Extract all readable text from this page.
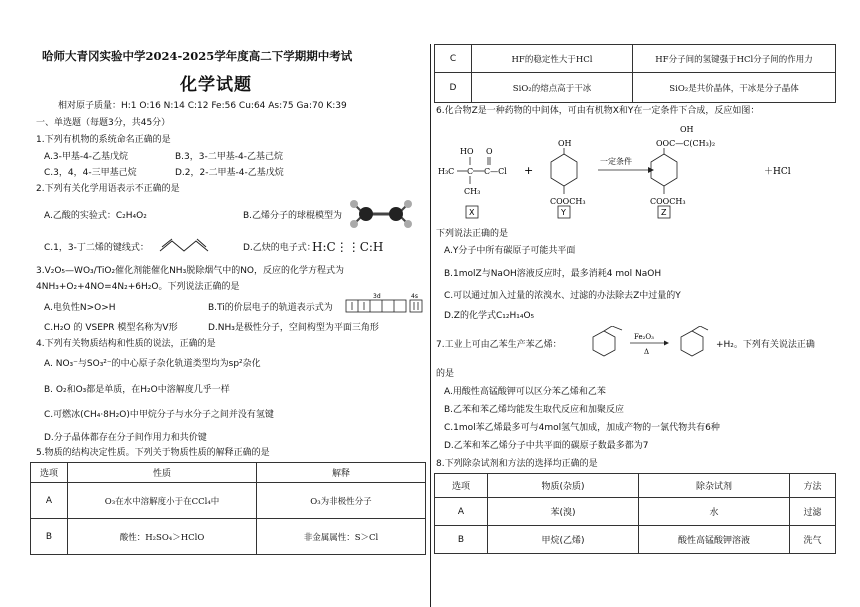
哈师大青冈实验中学2024-2025学年度高二下学期期中考试
化学试题
相对原子质量：H:1 O:16 N:14 C:12 Fe:56 Cu:64 As:75 Ga:70 K:39
一、单选题（每题3分，共45分）
1.下列有机物的系统命名正确的是
A.3-甲基-4-乙基戊烷	B.3，3-二甲基-4-乙基己烷
C.3，4，4-三甲基己烷	D.2，2-二甲基-4-乙基戊烷
2.下列有关化学用语表示不正确的是
A.乙酸的实验式：C₂H₄O₂	B.乙烯分子的球棍模型为
C.1，3-丁二烯的键线式：	D.乙炔的电子式：
H:C⋮⋮C:H
3.V₂O₅—WO₃/TiO₂催化剂能催化NH₃脱除烟气中的NO，反应的化学方程式为
4NH₃+O₂+4NO=4N₂+6H₂O。下列说法正确的是
A.电负性N>O>H	B.Ti的价层电子的轨道表示式为
3d	4s
C.H₂O 的 VSEPR 模型名称为V形	D.NH₃是极性分子，空间构型为平面三角形
4.下列有关物质结构和性质的说法，正确的是
A. NO₃⁻与SO₃²⁻的中心原子杂化轨道类型均为sp²杂化
B. O₂和O₃都是单质，在H₂O中溶解度几乎一样
C.可燃冰(CH₄·8H₂O)中甲烷分子与水分子之间并没有氢键
D.分子晶体都存在分子间作用力和共价键
5.物质的结构决定性质。下列关于物质性质的解释正确的是
选项	性质	解释
A	O₃在水中溶解度小于在CCl₄中	O₃为非极性分子
B	酸性：H₂SO₄＞HClO	非金属属性：S＞Cl
C	HF的稳定性大于HCl	HF分子间的氢键强于HCl分子间的作用力
D	SiO₂的熔点高于干冰	SiO₂是共价晶体，干冰是分子晶体
6.化合物Z是一种药物的中间体，可由有机物X和Y在一定条件下合成，反应如图：
HO O
H₃C C C—Cl
CH₃
X
+
OH
COOCH₃
Y
一定条件
OH
OOC—C(CH₃)₂
COOCH₃
Z
＋HCl
下列说法正确的是
A.Y分子中所有碳原子可能共平面
B.1molZ与NaOH溶液反应时，最多消耗4 mol NaOH
C.可以通过加入过量的浓溴水、过滤的办法除去Z中过量的Y
D.Z的化学式C₁₂H₁₄O₅
7.工业上可由乙苯生产苯乙烯：
Fe₂O₃
Δ
+H₂。下列有关说法正确
的是
A.用酸性高锰酸钾可以区分苯乙烯和乙苯
B.乙苯和苯乙烯均能发生取代反应和加聚反应
C.1mol苯乙烯最多可与4mol氢气加成，加成产物的一氯代物共有6种
D.乙苯和苯乙烯分子中共平面的碳原子数最多都为7
8.下列除杂试剂和方法的选择均正确的是
选项	物质(杂质)	除杂试剂	方法
A	苯(溴)	水	过滤
B	甲烷(乙烯)	酸性高锰酸钾溶液	洗气
